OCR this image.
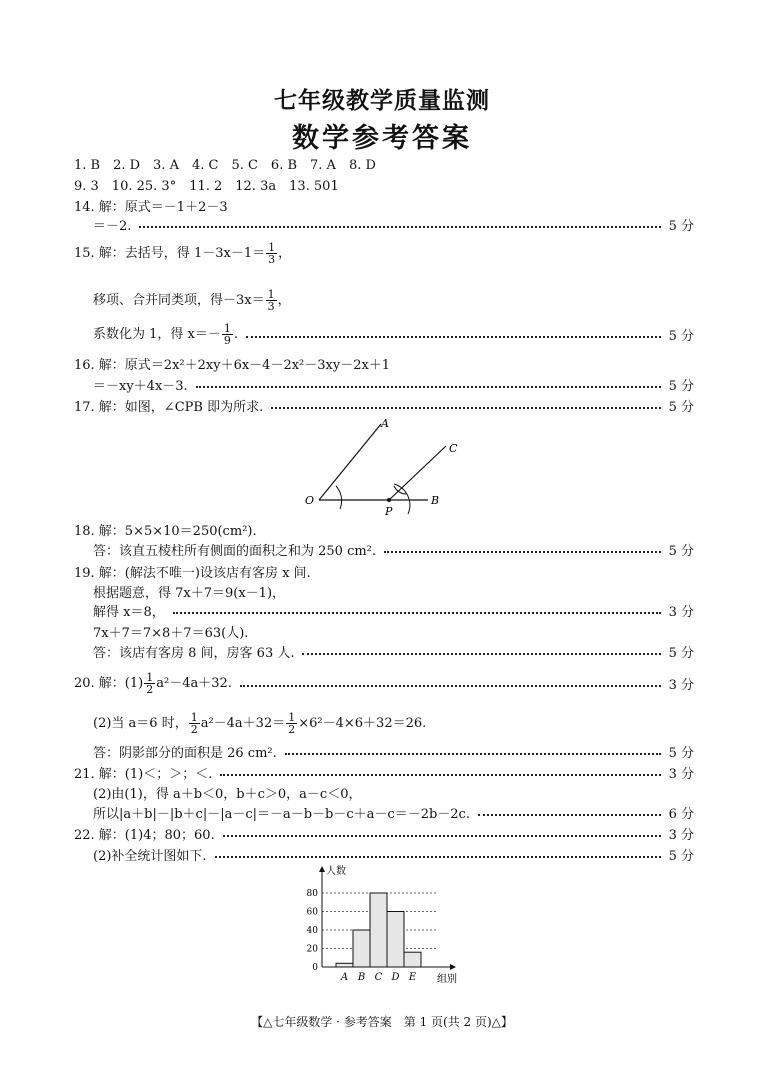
七年级教学质量监测
数学参考答案
1. B　2. D　3. A　4. C　5. C　6. B　7. A　8. D
9. 3　10. 25. 3°　11. 2　12. 3a　13. 501
14. 解：原式＝－1＋2－3
＝－2.	5 分
15. 解：去括号，得 $1-3x-1= \frac{1}{3}$ ，
移项、合并同类项，得$-3x= \frac{1}{3}$ ，
系数化为 1，得 $x=- \frac{1}{9}$ .	5 分
16. 解：原式＝2x²＋2xy＋6x－4－2x²－3xy－2x＋1
＝－xy＋4x－3.	5 分
17. 解：如图，∠CPB 即为所求.	5 分
A
C
O
P
B
18. 解：5×5×10＝250(cm²).
答：该直五棱柱所有侧面的面积之和为 250 cm².	5 分
19. 解：(解法不唯一)设该店有客房 x 间.
根据题意，得 7x＋7＝9(x－1)，
解得 x＝8，	3 分
7x＋7＝7×8＋7＝63(人).
答：该店有客房 8 间，房客 63 人.	5 分
20. 解：$(1) \frac{1}{2} a^2-4a+32$.	3 分
(2)当 a＝6 时， $\frac{1}{2} a^2-4a+32= \frac{1}{2} \times 6^2-4\times 6+32=26$.
答：阴影部分的面积是 26 cm².	5 分
21. 解：(1)＜；＞；＜.	3 分
(2)由(1)，得 a＋b＜0，b＋c＞0，a－c＜0，
所以|a＋b|－|b＋c|－|a－c|＝－a－b－b－c＋a－c＝－2b－2c.	6 分
22. 解：(1)4；80；60.	3 分
(2)补全统计图如下.	5 分
0
20
40
60
80
A B C D E
人数
组别
【△七年级数学 · 参考答案　第 1 页(共 2 页)△】
